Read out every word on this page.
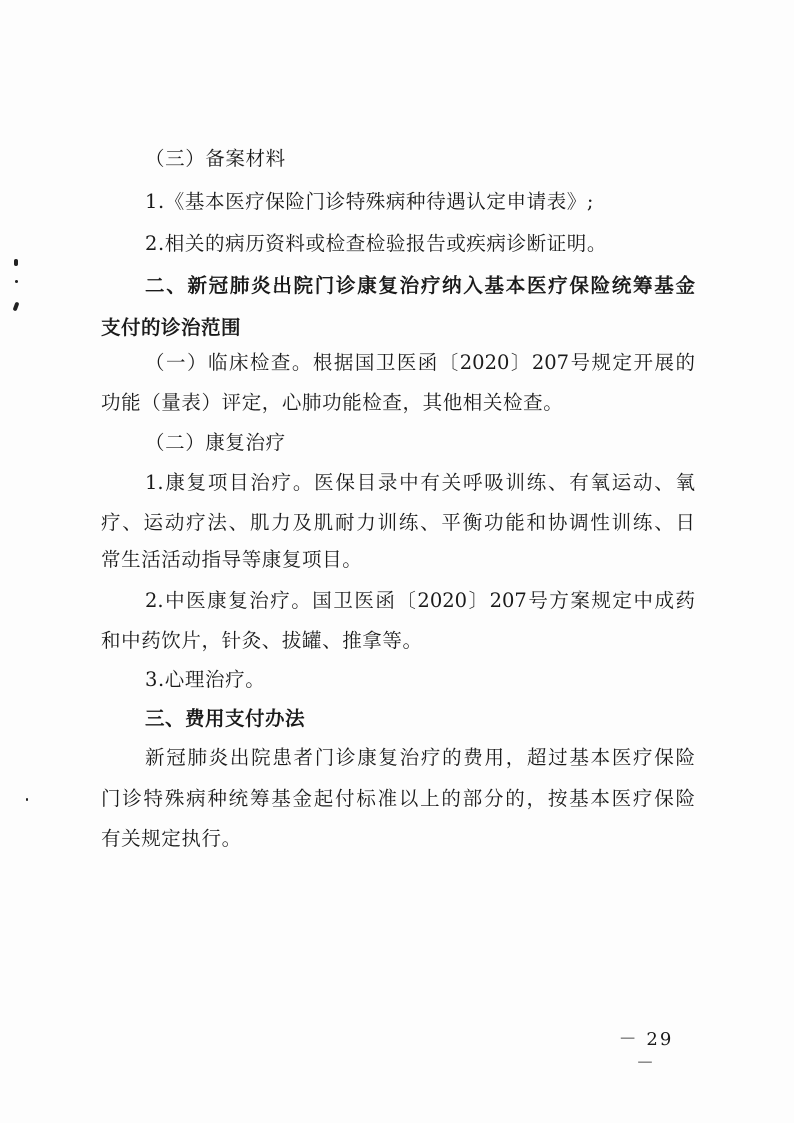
（三）备案材料
1.《基本医疗保险门诊特殊病种待遇认定申请表》;
2.相关的病历资料或检查检验报告或疾病诊断证明。
二、新冠肺炎出院门诊康复治疗纳入基本医疗保险统筹基金
支付的诊治范围
（一）临床检查。根据国卫医函〔2020〕207号规定开展的
功能（量表）评定，心肺功能检查，其他相关检查。
（二）康复治疗
1.康复项目治疗。医保目录中有关呼吸训练、有氧运动、氧
疗、运动疗法、肌力及肌耐力训练、平衡功能和协调性训练、日
常生活活动指导等康复项目。
2.中医康复治疗。国卫医函〔2020〕207号方案规定中成药
和中药饮片，针灸、拔罐、推拿等。
3.心理治疗。
三、费用支付办法
新冠肺炎出院患者门诊康复治疗的费用，超过基本医疗保险
门诊特殊病种统筹基金起付标准以上的部分的，按基本医疗保险
有关规定执行。
－ 29 －
